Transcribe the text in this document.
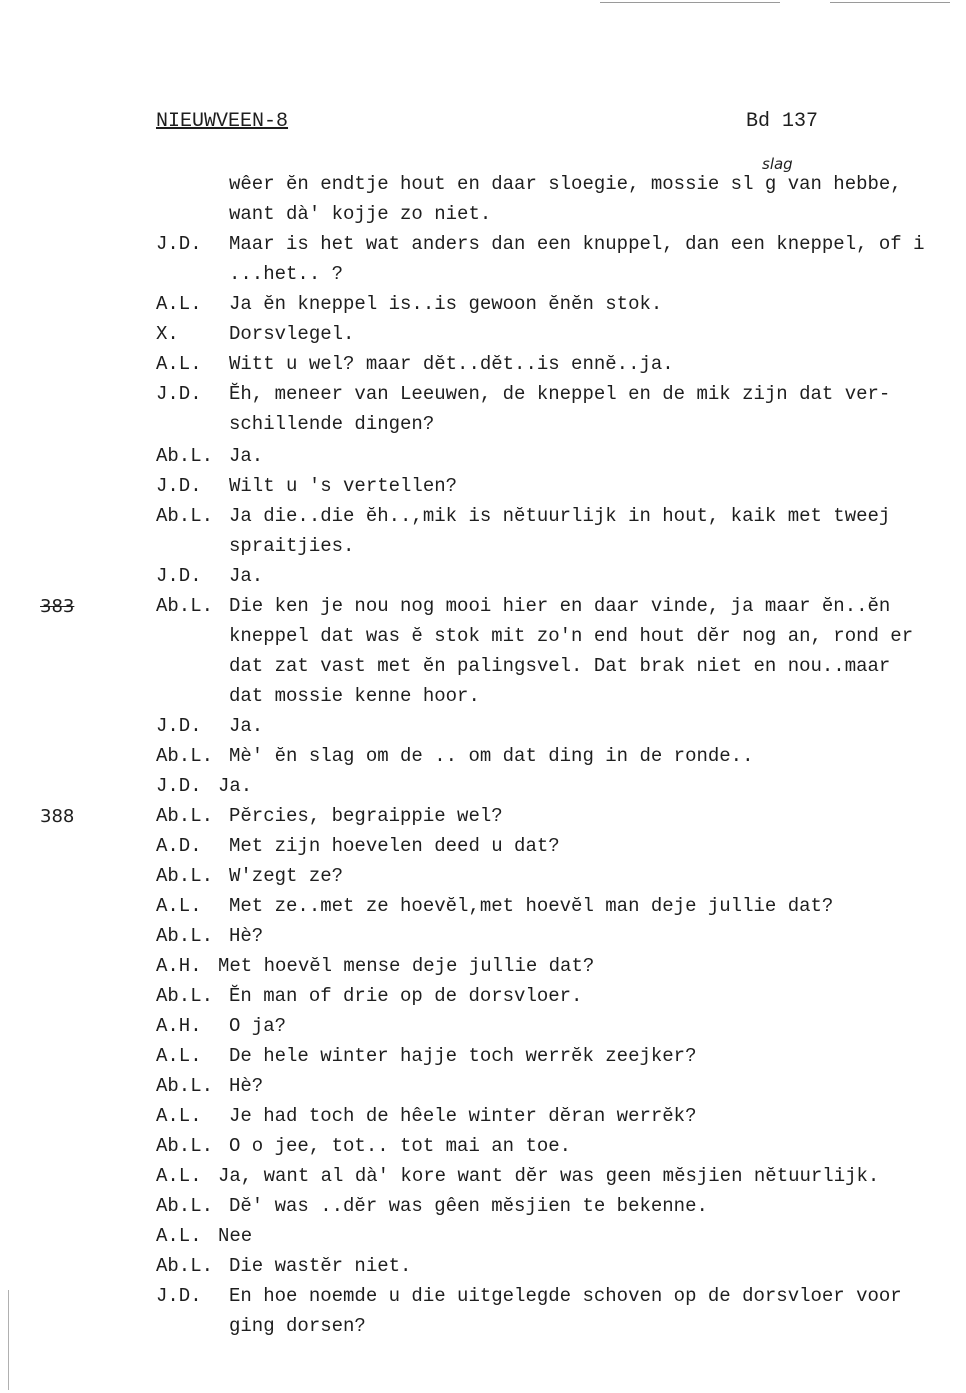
NIEUWVEEN-8	Bd 137
slag
383
388
wêer ĕn endtje hout en daar sloegie, mossie sl g van hebbe,
want dà' kojje zo niet.
J.D. Maar is het wat anders dan een knuppel, dan een kneppel, of i
...het.. ?
A.L. Ja ĕn kneppel is..is gewoon ĕnĕn stok.
X.	Dorsvlegel.
A.L. Witt u wel? maar dĕt..dĕt..is ennĕ..ja.
J.D. Ĕh, meneer van Leeuwen, de kneppel en de mik zijn dat ver-
schillende dingen?
Ab.L. Ja.
J.D. Wilt u 's vertellen?
Ab.L. Ja die..die ĕh..,mik is nĕtuurlijk in hout, kaik met tweej
spraitjies.
J.D. Ja.
Ab.L. Die ken je nou nog mooi hier en daar vinde, ja maar ĕn..ĕn
kneppel dat was ĕ stok mit zo'n end hout dĕr nog an, rond er
dat zat vast met ĕn palingsvel. Dat brak niet en nou..maar
dat mossie kenne hoor.
J.D. Ja.
Ab.L. Mè' ĕn slag om de .. om dat ding in de ronde..
J.D. Ja.
Ab.L. Pĕrcies, begraippie wel?
A.D. Met zijn hoevelen deed u dat?
Ab.L. W'zegt ze?
A.L. Met ze..met ze hoevĕl,met hoevĕl man deje jullie dat?
Ab.L. Hè?
A.H. Met hoevĕl mense deje jullie dat?
Ab.L. Ĕn man of drie op de dorsvloer.
A.H. O ja?
A.L. De hele winter hajje toch werrĕk zeejker?
Ab.L. Hè?
A.L. Je had toch de hêele winter dĕran werrĕk?
Ab.L. O o jee, tot.. tot mai an toe.
A.L. Ja, want al dà' kore want dĕr was geen mĕsjien nĕtuurlijk.
Ab.L. Dĕ' was ..dĕr was gêen mĕsjien te bekenne.
A.L. Nee
Ab.L. Die wastĕr niet.
J.D. En hoe noemde u die uitgelegde schoven op de dorsvloer voor
ging dorsen?
